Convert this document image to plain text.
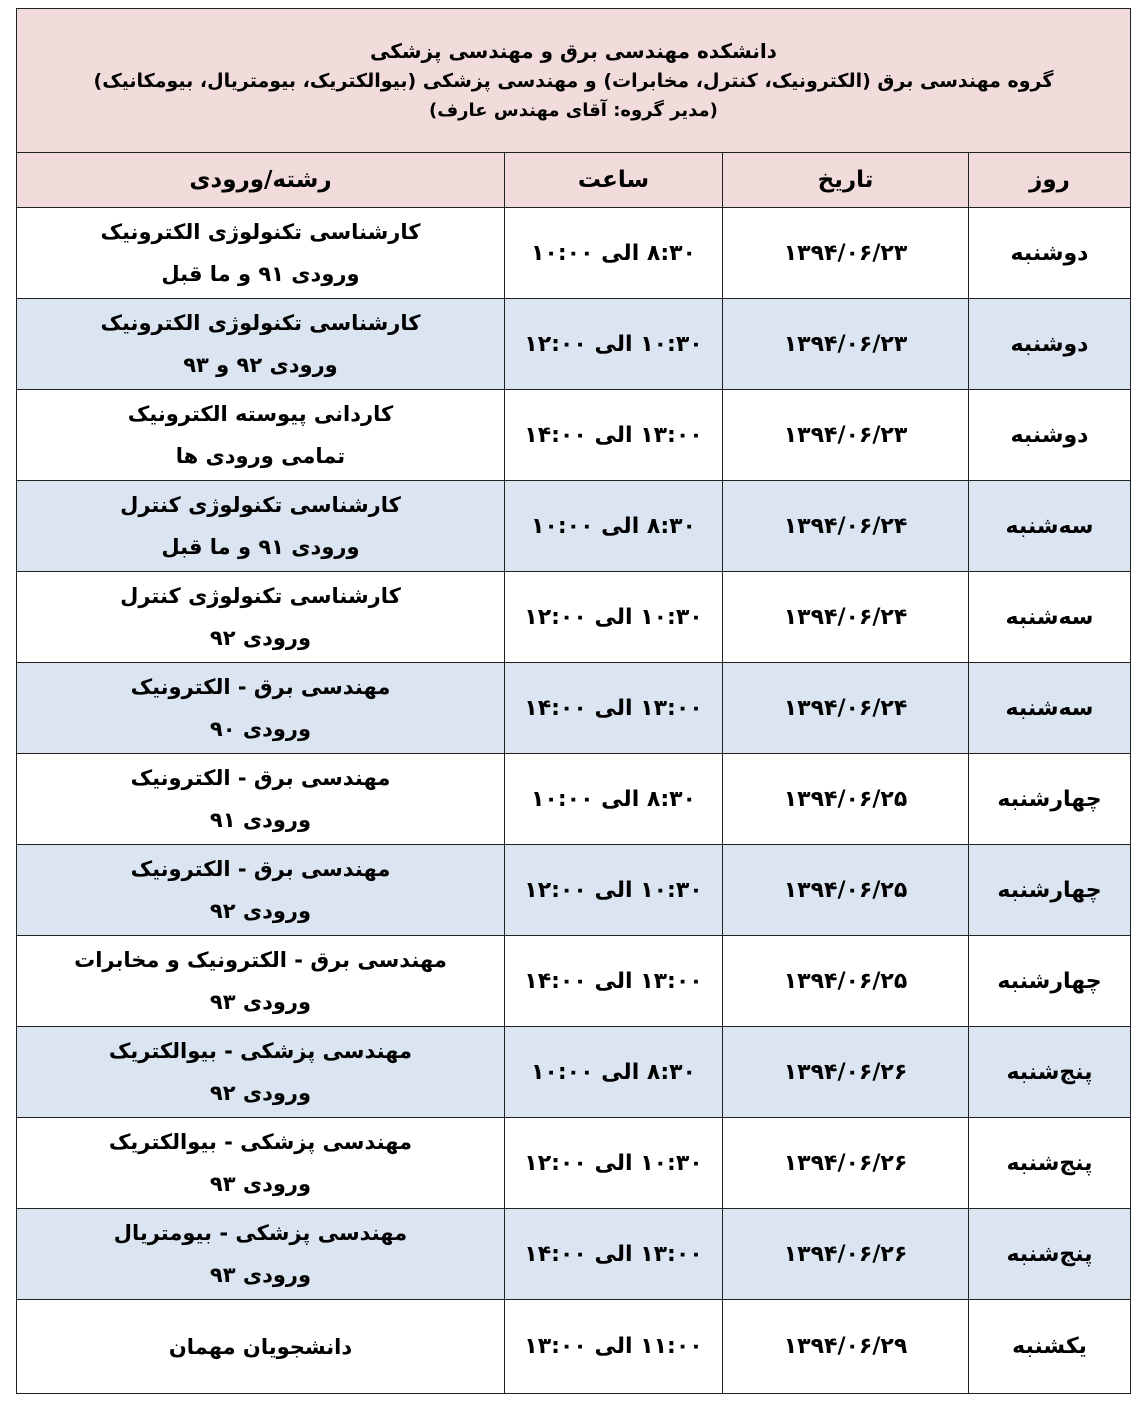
دانشکده مهندسی برق و مهندسی پزشکی
گروه مهندسی برق (الکترونیک، کنترل، مخابرات) و مهندسی پزشکی (بیوالکتریک، بیومتریال، بیومکانیک)
(مدیر گروه: آقای مهندس عارف)			

روز	تاریخ	ساعت	رشته/ورودی
دوشنبه	۱۳۹۴/۰۶/۲۳	۸:۳۰ الی ۱۰:۰۰	کارشناسی تکنولوژی الکترونیک
ورودی ۹۱ و ما قبل

دوشنبه	۱۳۹۴/۰۶/۲۳	۱۰:۳۰ الی ۱۲:۰۰	کارشناسی تکنولوژی الکترونیک
ورودی ۹۲ و ۹۳

دوشنبه	۱۳۹۴/۰۶/۲۳	۱۳:۰۰ الی ۱۴:۰۰	کاردانی پیوسته الکترونیک
تمامی ورودی ها

سه‌شنبه	۱۳۹۴/۰۶/۲۴	۸:۳۰ الی ۱۰:۰۰	کارشناسی تکنولوژی کنترل
ورودی ۹۱ و ما قبل

سه‌شنبه	۱۳۹۴/۰۶/۲۴	۱۰:۳۰ الی ۱۲:۰۰	کارشناسی تکنولوژی کنترل
ورودی ۹۲

سه‌شنبه	۱۳۹۴/۰۶/۲۴	۱۳:۰۰ الی ۱۴:۰۰	مهندسی برق - الکترونیک
ورودی ۹۰

چهارشنبه	۱۳۹۴/۰۶/۲۵	۸:۳۰ الی ۱۰:۰۰	مهندسی برق - الکترونیک
ورودی ۹۱

چهارشنبه	۱۳۹۴/۰۶/۲۵	۱۰:۳۰ الی ۱۲:۰۰	مهندسی برق - الکترونیک
ورودی ۹۲

چهارشنبه	۱۳۹۴/۰۶/۲۵	۱۳:۰۰ الی ۱۴:۰۰	مهندسی برق - الکترونیک و مخابرات
ورودی ۹۳

پنج‌شنبه	۱۳۹۴/۰۶/۲۶	۸:۳۰ الی ۱۰:۰۰	مهندسی پزشکی - بیوالکتریک
ورودی ۹۲

پنج‌شنبه	۱۳۹۴/۰۶/۲۶	۱۰:۳۰ الی ۱۲:۰۰	مهندسی پزشکی - بیوالکتریک
ورودی ۹۳

پنج‌شنبه	۱۳۹۴/۰۶/۲۶	۱۳:۰۰ الی ۱۴:۰۰	مهندسی پزشکی - بیومتریال
ورودی ۹۳

یکشنبه	۱۳۹۴/۰۶/۲۹	۱۱:۰۰ الی ۱۳:۰۰	دانشجویان مهمان
